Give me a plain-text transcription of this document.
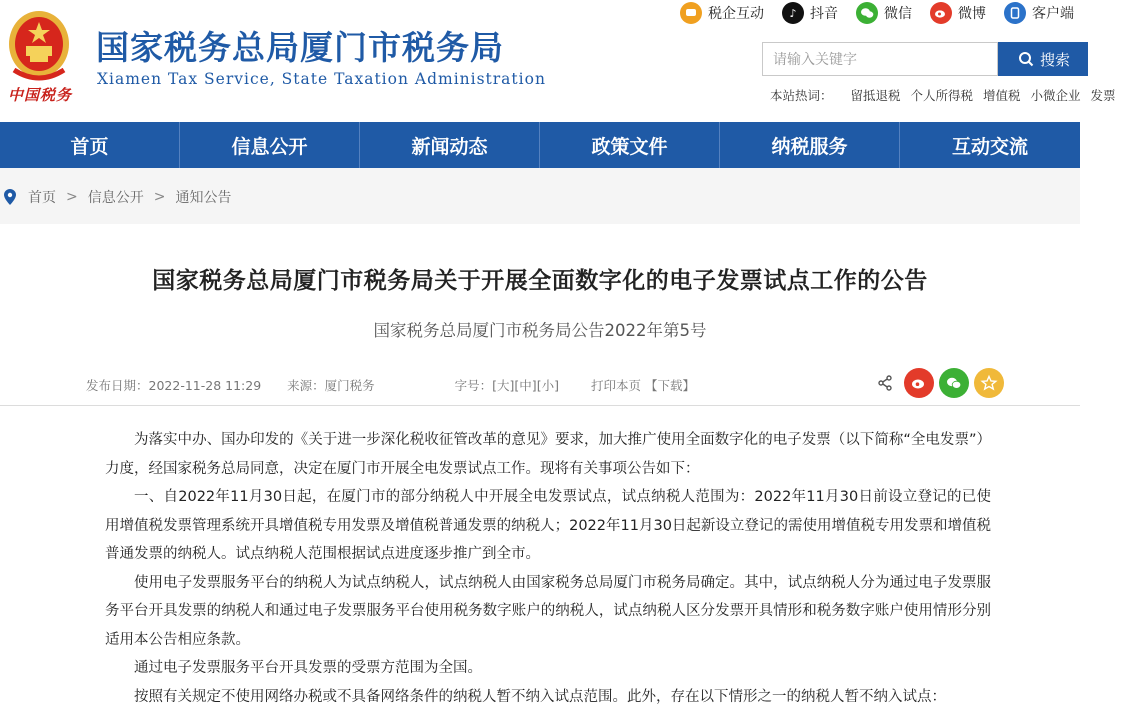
中国税务
国家税务总局厦门市税务局
Xiamen Tax Service, State Taxation Administration
税企互动	♪ 抖音	微信	微博	客户端
请输入关键字	搜索
本站热词： 留抵退税 个人所得税 增值税 小微企业 发票
首页	信息公开	新闻动态	政策文件	纳税服务	互动交流
首页 > 信息公开 > 通知公告
国家税务总局厦门市税务局关于开展全面数字化的电子发票试点工作的公告
国家税务总局厦门市税务局公告2022年第5号
发布日期：2022-11-28 11:29 来源：厦门税务	字号：[大][中][小]	打印本页 【下载】

为落实中办、国办印发的《关于进一步深化税收征管改革的意见》要求，加大推广使用全面数字化的电子发票（以下简称“全电发票”）力度，经国家税务总局同意，决定在厦门市开展全电发票试点工作。现将有关事项公告如下：

一、自2022年11月30日起，在厦门市的部分纳税人中开展全电发票试点，试点纳税人范围为：2022年11月30日前设立登记的已使用增值税发票管理系统开具增值税专用发票及增值税普通发票的纳税人；2022年11月30日起新设立登记的需使用增值税专用发票和增值税普通发票的纳税人。试点纳税人范围根据试点进度逐步推广到全市。

使用电子发票服务平台的纳税人为试点纳税人，试点纳税人由国家税务总局厦门市税务局确定。其中，试点纳税人分为通过电子发票服务平台开具发票的纳税人和通过电子发票服务平台使用税务数字账户的纳税人，试点纳税人区分发票开具情形和税务数字账户使用情形分别适用本公告相应条款。

通过电子发票服务平台开具发票的受票方范围为全国。

按照有关规定不使用网络办税或不具备网络条件的纳税人暂不纳入试点范围。此外，存在以下情形之一的纳税人暂不纳入试点：
